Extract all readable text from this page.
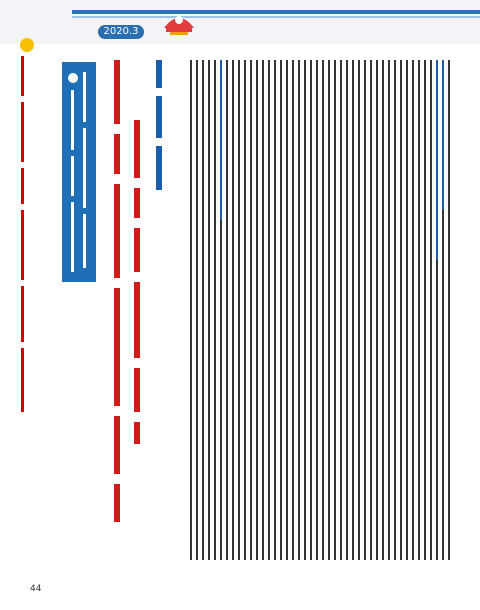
2020.3
44
